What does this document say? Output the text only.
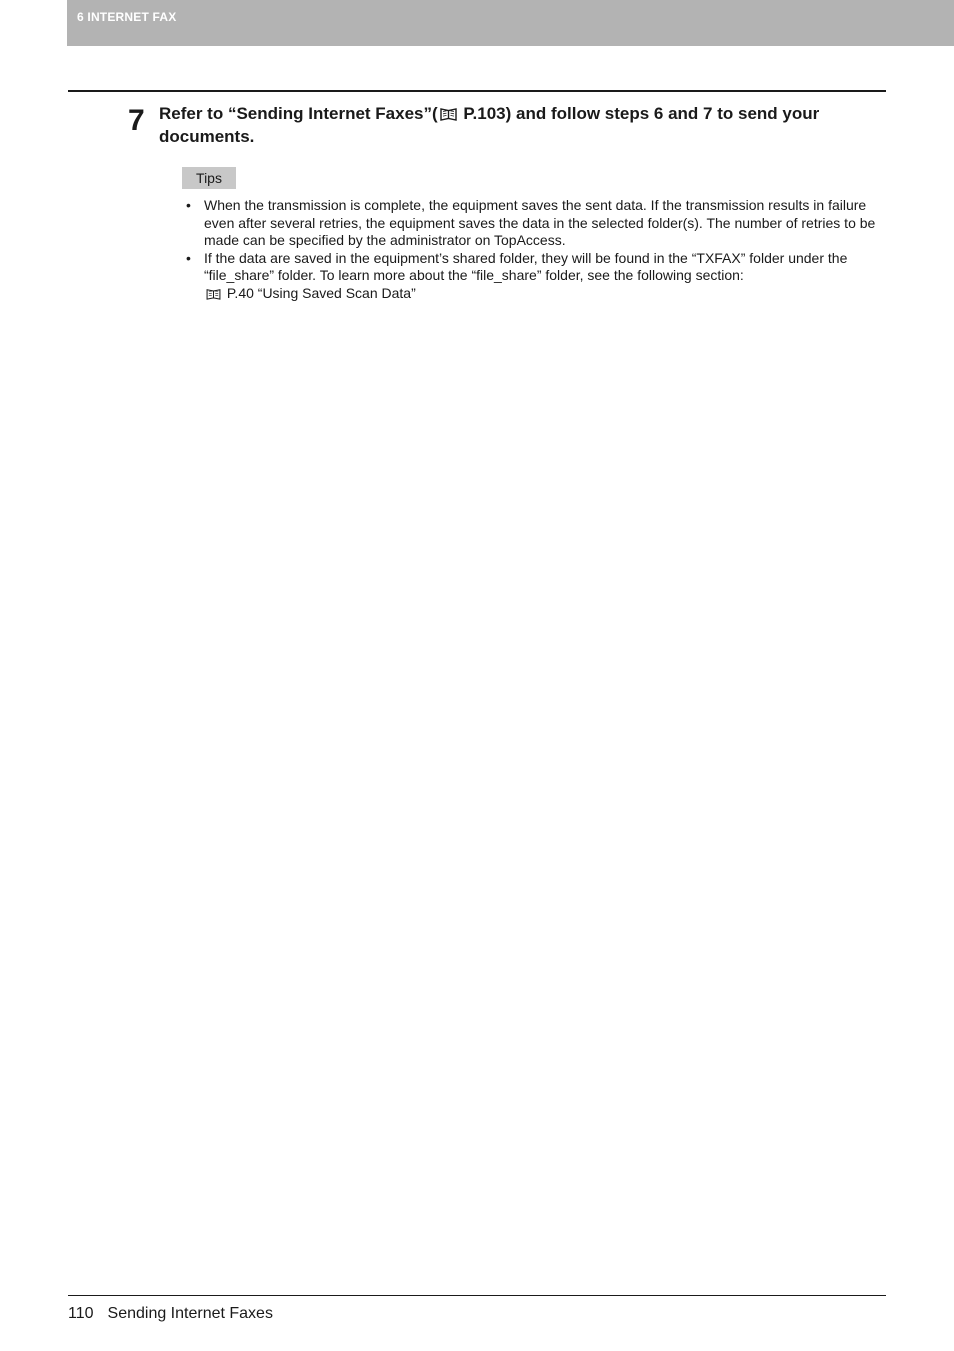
6 INTERNET FAX
7 Refer to “Sending Internet Faxes”( P.103) and follow steps 6 and 7 to send your documents.
Tips
• When the transmission is complete, the equipment saves the sent data. If the transmission results in failure even after several retries, the equipment saves the data in the selected folder(s). The number of retries to be made can be specified by the administrator on TopAccess.
• If the data are saved in the equipment’s shared folder, they will be found in the “TXFAX” folder under the “file_share” folder. To learn more about the “file_share” folder, see the following section:
P.40 “Using Saved Scan Data”
110 Sending Internet Faxes
